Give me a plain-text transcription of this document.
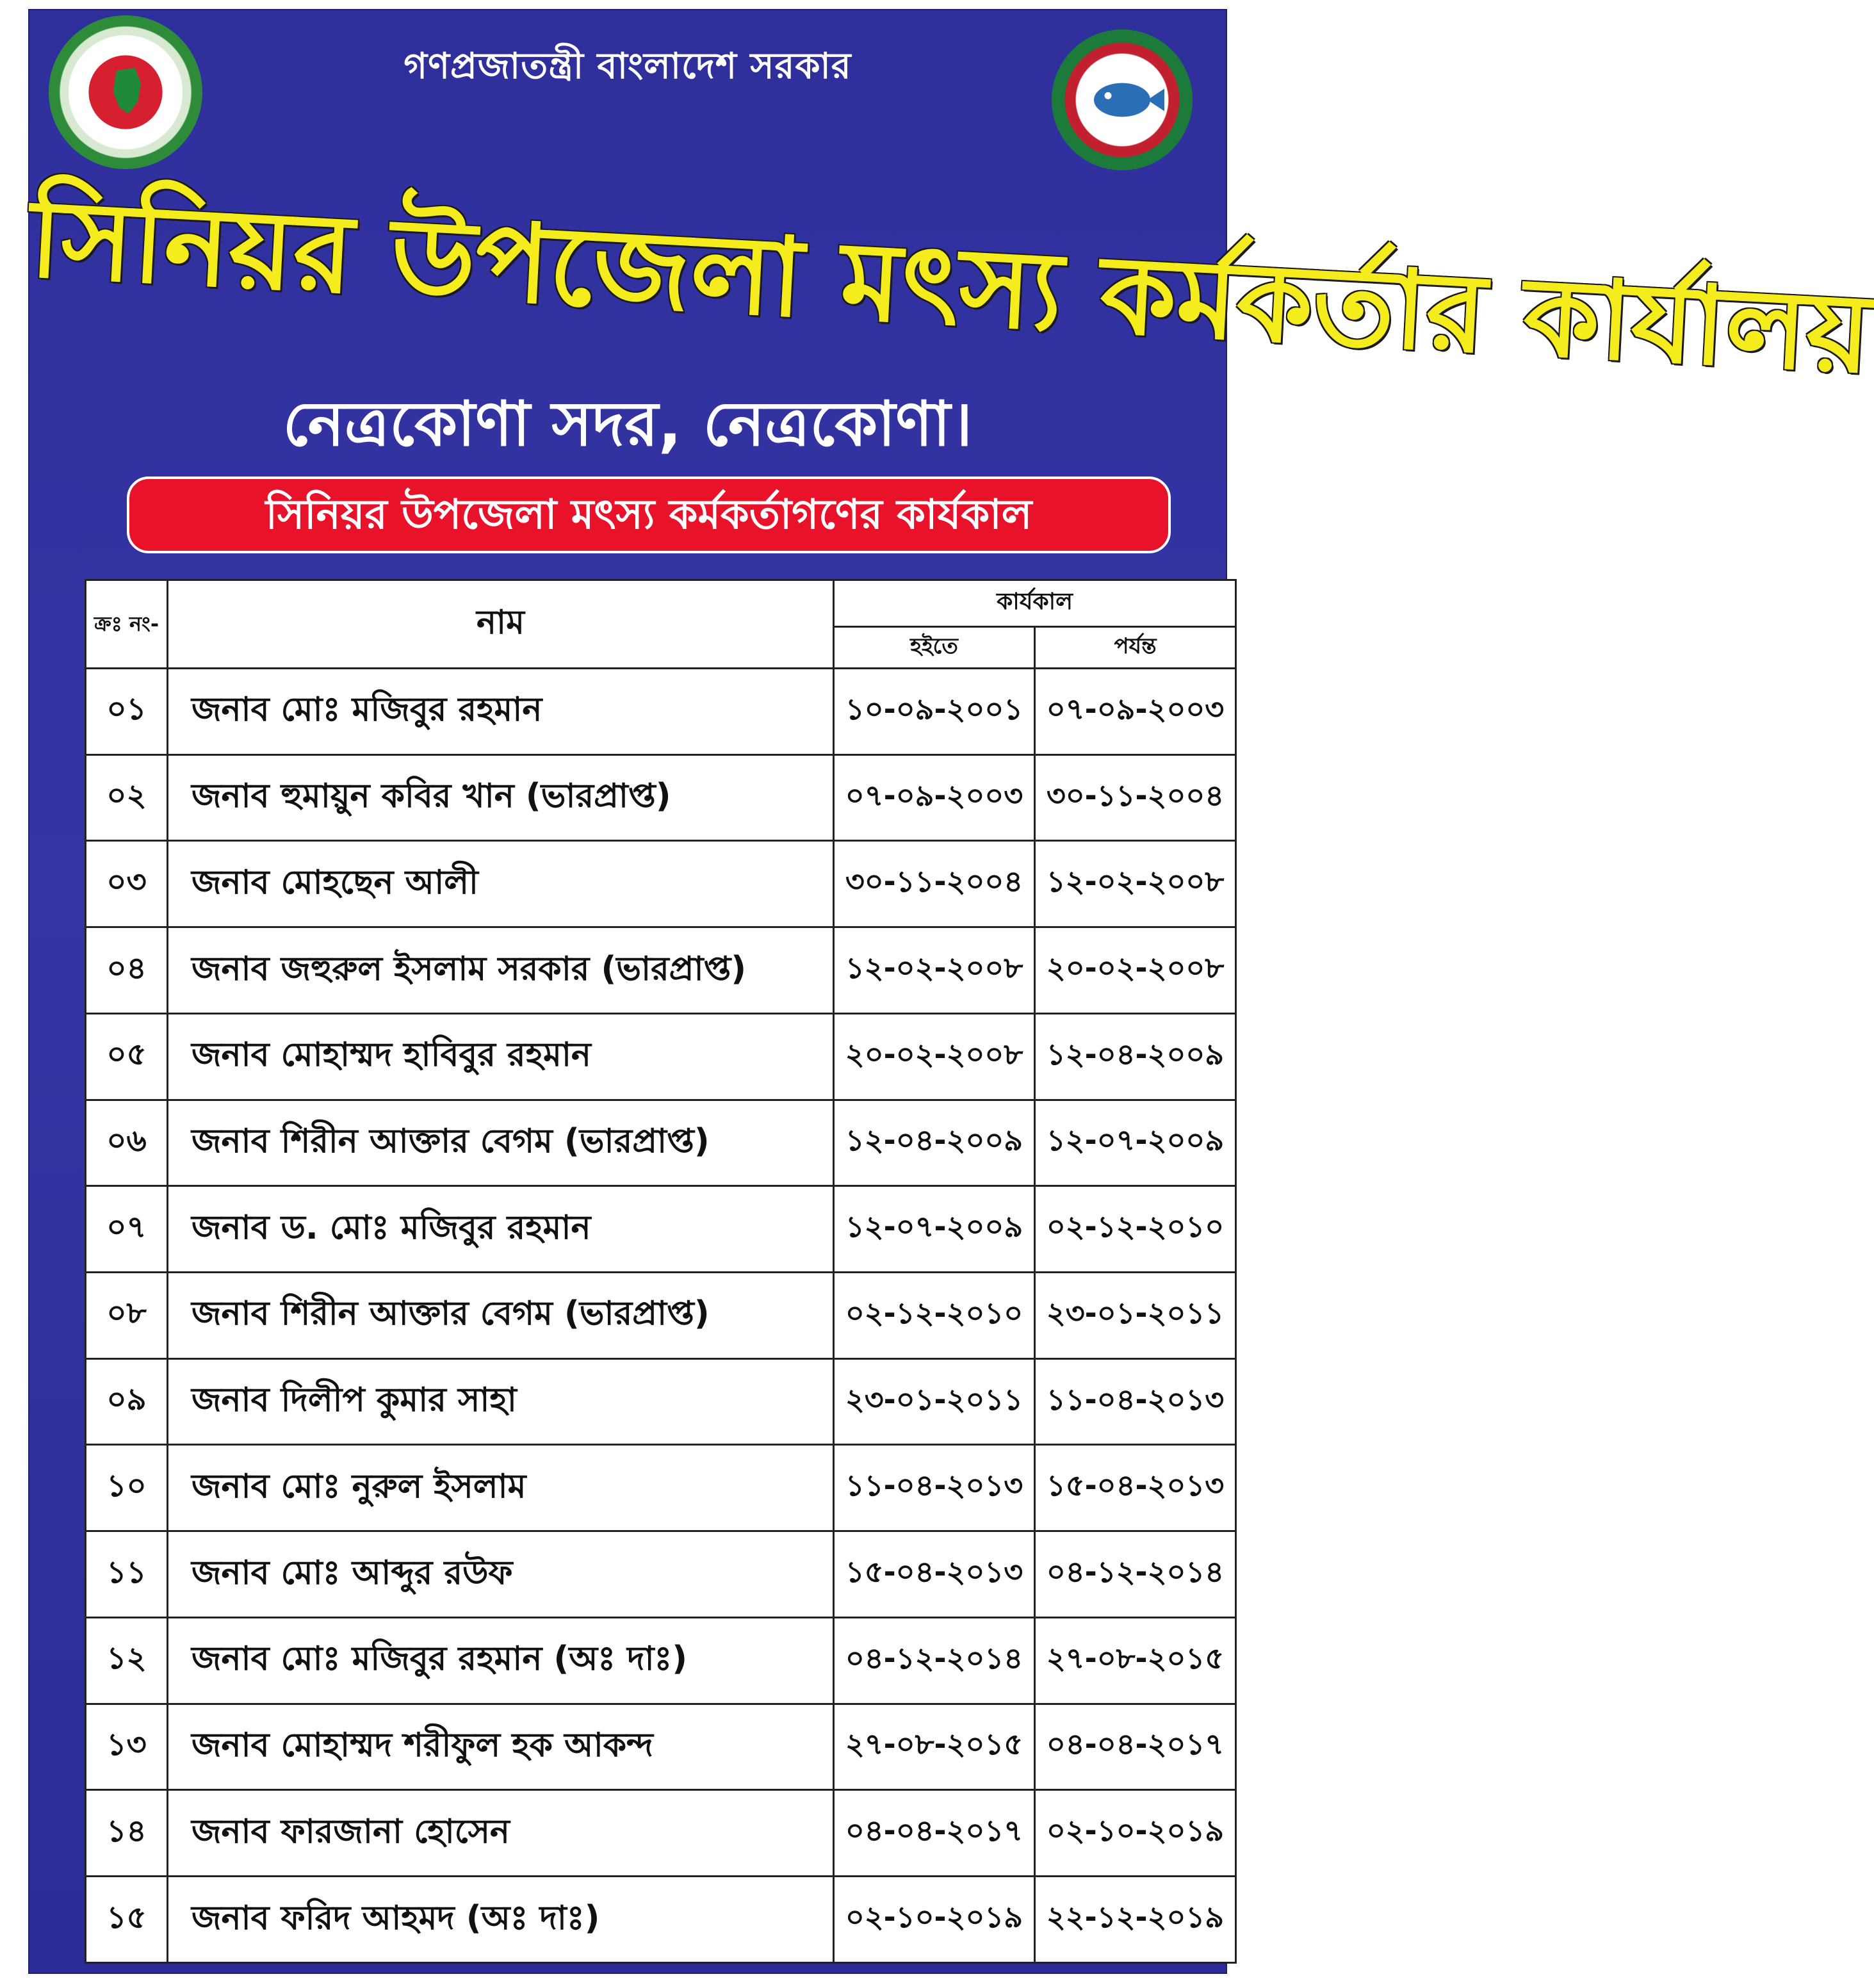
গণপ্রজাতন্ত্রী বাংলাদেশ সরকার
সিনিয়র উপজেলা মৎস্য কর্মকর্তার কার্যালয়
নেত্রকোণা সদর, নেত্রকোণা।
সিনিয়র উপজেলা মৎস্য কর্মকর্তাগণের কার্যকাল
ক্রঃ নং-	নাম	কার্যকাল	
		হইতে	পর্যন্ত
০১	জনাব মোঃ মজিবুর রহমান	১০-০৯-২০০১	০৭-০৯-২০০৩
০২	জনাব হুমায়ুন কবির খান (ভারপ্রাপ্ত)	০৭-০৯-২০০৩	৩০-১১-২০০৪
০৩	জনাব মোহছেন আলী	৩০-১১-২০০৪	১২-০২-২০০৮
০৪	জনাব জহুরুল ইসলাম সরকার (ভারপ্রাপ্ত)	১২-০২-২০০৮	২০-০২-২০০৮
০৫	জনাব মোহাম্মদ হাবিবুর রহমান	২০-০২-২০০৮	১২-০৪-২০০৯
০৬	জনাব শিরীন আক্তার বেগম (ভারপ্রাপ্ত)	১২-০৪-২০০৯	১২-০৭-২০০৯
০৭	জনাব ড. মোঃ মজিবুর রহমান	১২-০৭-২০০৯	০২-১২-২০১০
০৮	জনাব শিরীন আক্তার বেগম (ভারপ্রাপ্ত)	০২-১২-২০১০	২৩-০১-২০১১
০৯	জনাব দিলীপ কুমার সাহা	২৩-০১-২০১১	১১-০৪-২০১৩
১০	জনাব মোঃ নুরুল ইসলাম	১১-০৪-২০১৩	১৫-০৪-২০১৩
১১	জনাব মোঃ আব্দুর রউফ	১৫-০৪-২০১৩	০৪-১২-২০১৪
১২	জনাব মোঃ মজিবুর রহমান (অঃ দাঃ)	০৪-১২-২০১৪	২৭-০৮-২০১৫
১৩	জনাব মোহাম্মদ শরীফুল হক আকন্দ	২৭-০৮-২০১৫	০৪-০৪-২০১৭
১৪	জনাব ফারজানা হোসেন	০৪-০৪-২০১৭	০২-১০-২০১৯
১৫	জনাব ফরিদ আহমদ (অঃ দাঃ)	০২-১০-২০১৯	২২-১২-২০১৯
